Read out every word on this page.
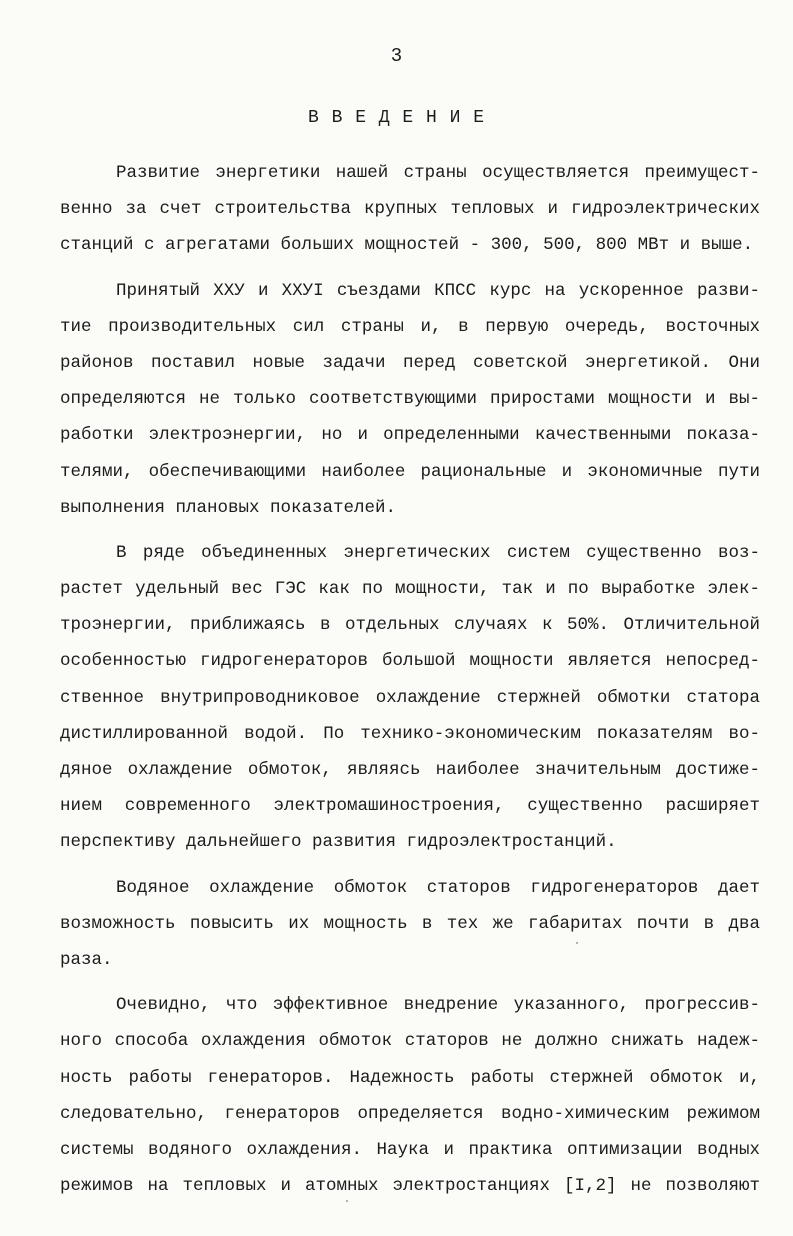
3
В В Е Д Е Н И Е
Развитие энергетики нашей страны осуществляется преимущест-
венно за счет строительства крупных тепловых и гидроэлектрических
станций с агрегатами больших мощностей - 300, 500, 800 МВт и выше.
Принятый XXУ и XXУI съездами КПСС курс на ускоренное разви-
тие производительных сил страны и, в первую очередь, восточных
районов поставил новые задачи перед советской энергетикой. Они
определяются не только соответствующими приростами мощности и вы-
работки электроэнергии, но и определенными качественными показа-
телями, обеспечивающими наиболее рациональные и экономичные пути
выполнения плановых показателей.
В ряде объединенных энергетических систем существенно воз-
растет удельный вес ГЭС как по мощности, так и по выработке элек-
троэнергии, приближаясь в отдельных случаях к 50%. Отличительной
особенностью гидрогенераторов большой мощности является непосред-
ственное внутрипроводниковое охлаждение стержней обмотки статора
дистиллированной водой. По технико-экономическим показателям во-
дяное охлаждение обмоток, являясь наиболее значительным достиже-
нием современного электромашиностроения, существенно расширяет
перспективу дальнейшего развития гидроэлектростанций.
Водяное охлаждение обмоток статоров гидрогенераторов дает
возможность повысить их мощность в тех же габаритах почти в два
раза.
Очевидно, что эффективное внедрение указанного, прогрессив-
ного способа охлаждения обмоток статоров не должно снижать надеж-
ность работы генераторов. Надежность работы стержней обмоток и,
следовательно, генераторов определяется водно-химическим режимом
системы водяного охлаждения. Наука и практика оптимизации водных
режимов на тепловых и атомных электростанциях [I,2] не позволяют
